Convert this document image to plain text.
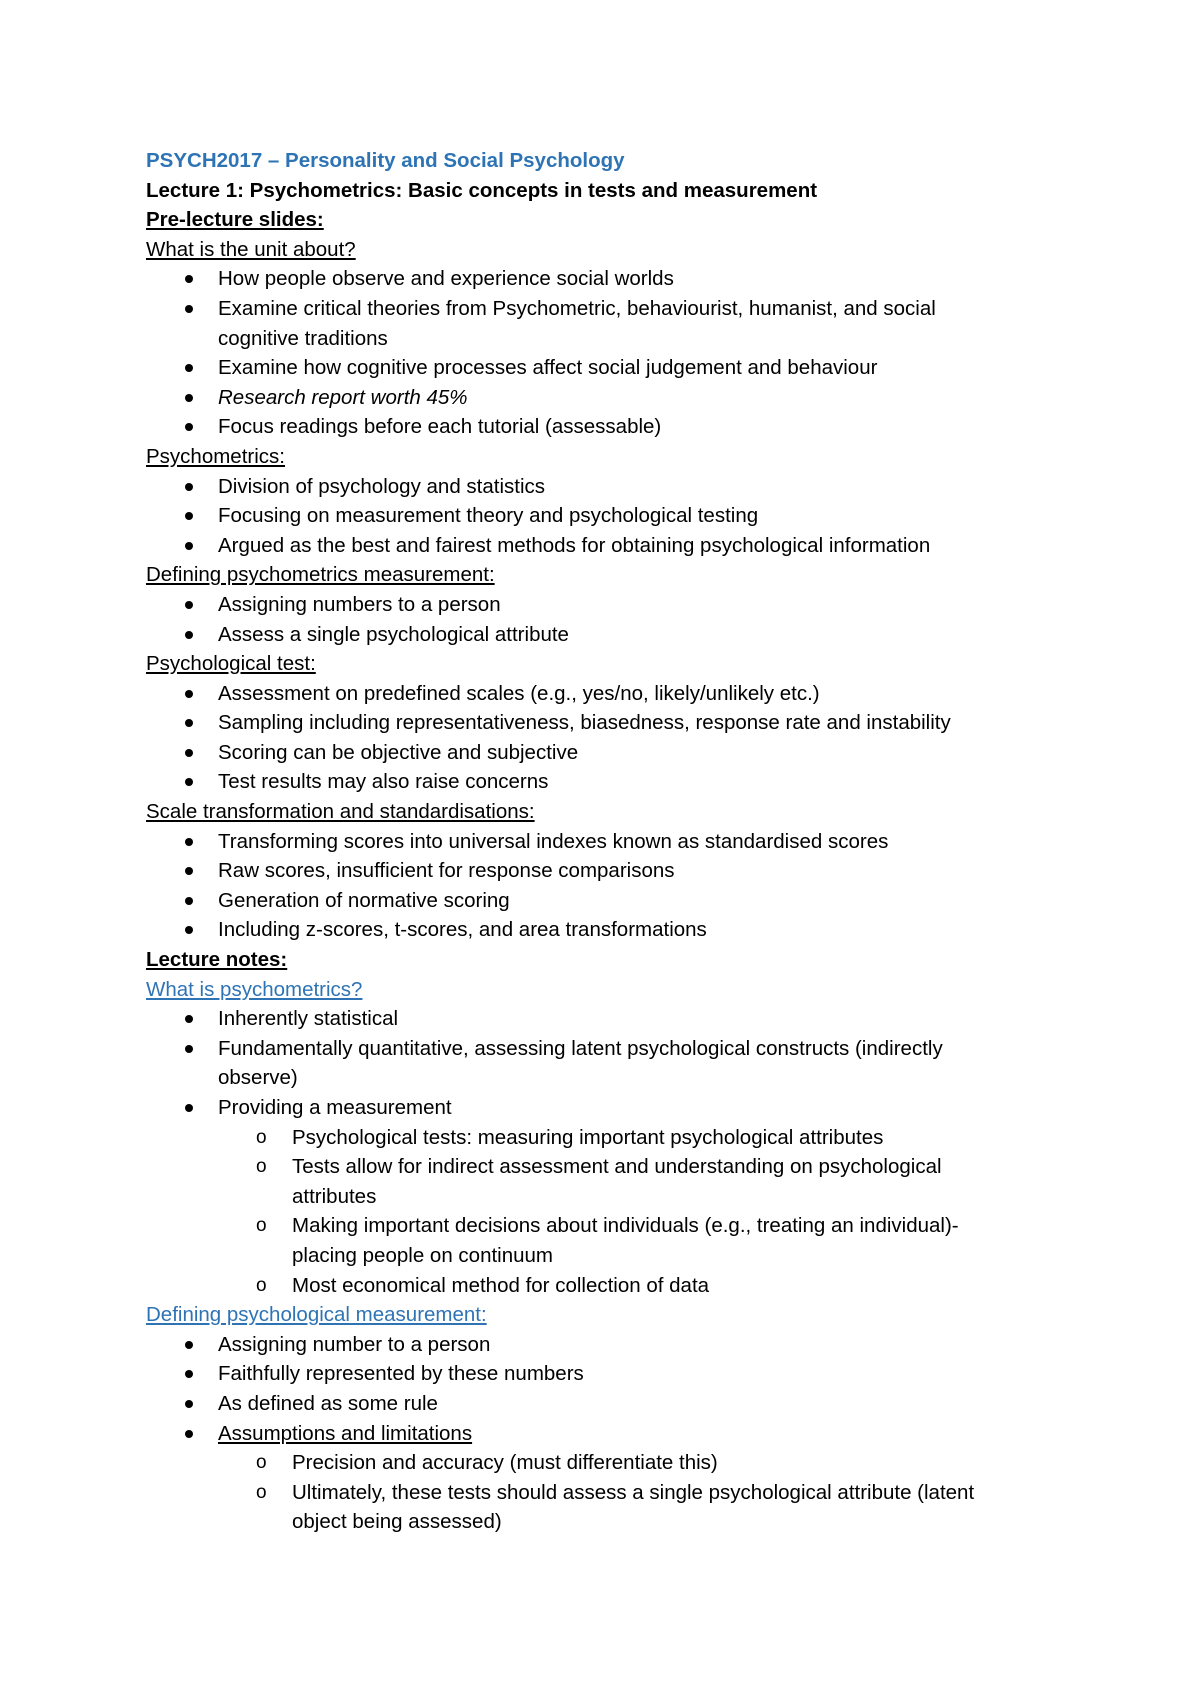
PSYCH2017 – Personality and Social Psychology

Lecture 1: Psychometrics: Basic concepts in tests and measurement

Pre-lecture slides:

What is the unit about?

How people observe and experience social worlds
Examine critical theories from Psychometric, behaviourist, humanist, and social
cognitive traditions
Examine how cognitive processes affect social judgement and behaviour
Research report worth 45%
Focus readings before each tutorial (assessable)

Psychometrics:

Division of psychology and statistics
Focusing on measurement theory and psychological testing
Argued as the best and fairest methods for obtaining psychological information

Defining psychometrics measurement:

Assigning numbers to a person
Assess a single psychological attribute

Psychological test:

Assessment on predefined scales (e.g., yes/no, likely/unlikely etc.)
Sampling including representativeness, biasedness, response rate and instability
Scoring can be objective and subjective
Test results may also raise concerns

Scale transformation and standardisations:

Transforming scores into universal indexes known as standardised scores
Raw scores, insufficient for response comparisons
Generation of normative scoring
Including z-scores, t-scores, and area transformations

Lecture notes:

What is psychometrics?

Inherently statistical
Fundamentally quantitative, assessing latent psychological constructs (indirectly
observe)
Providing a measurement
o	Psychological tests: measuring important psychological attributes
o	Tests allow for indirect assessment and understanding on psychological
attributes
o	Making important decisions about individuals (e.g., treating an individual)-
placing people on continuum
o	Most economical method for collection of data

Defining psychological measurement:

Assigning number to a person
Faithfully represented by these numbers
As defined as some rule
Assumptions and limitations
o	Precision and accuracy (must differentiate this)
o	Ultimately, these tests should assess a single psychological attribute (latent
object being assessed)
